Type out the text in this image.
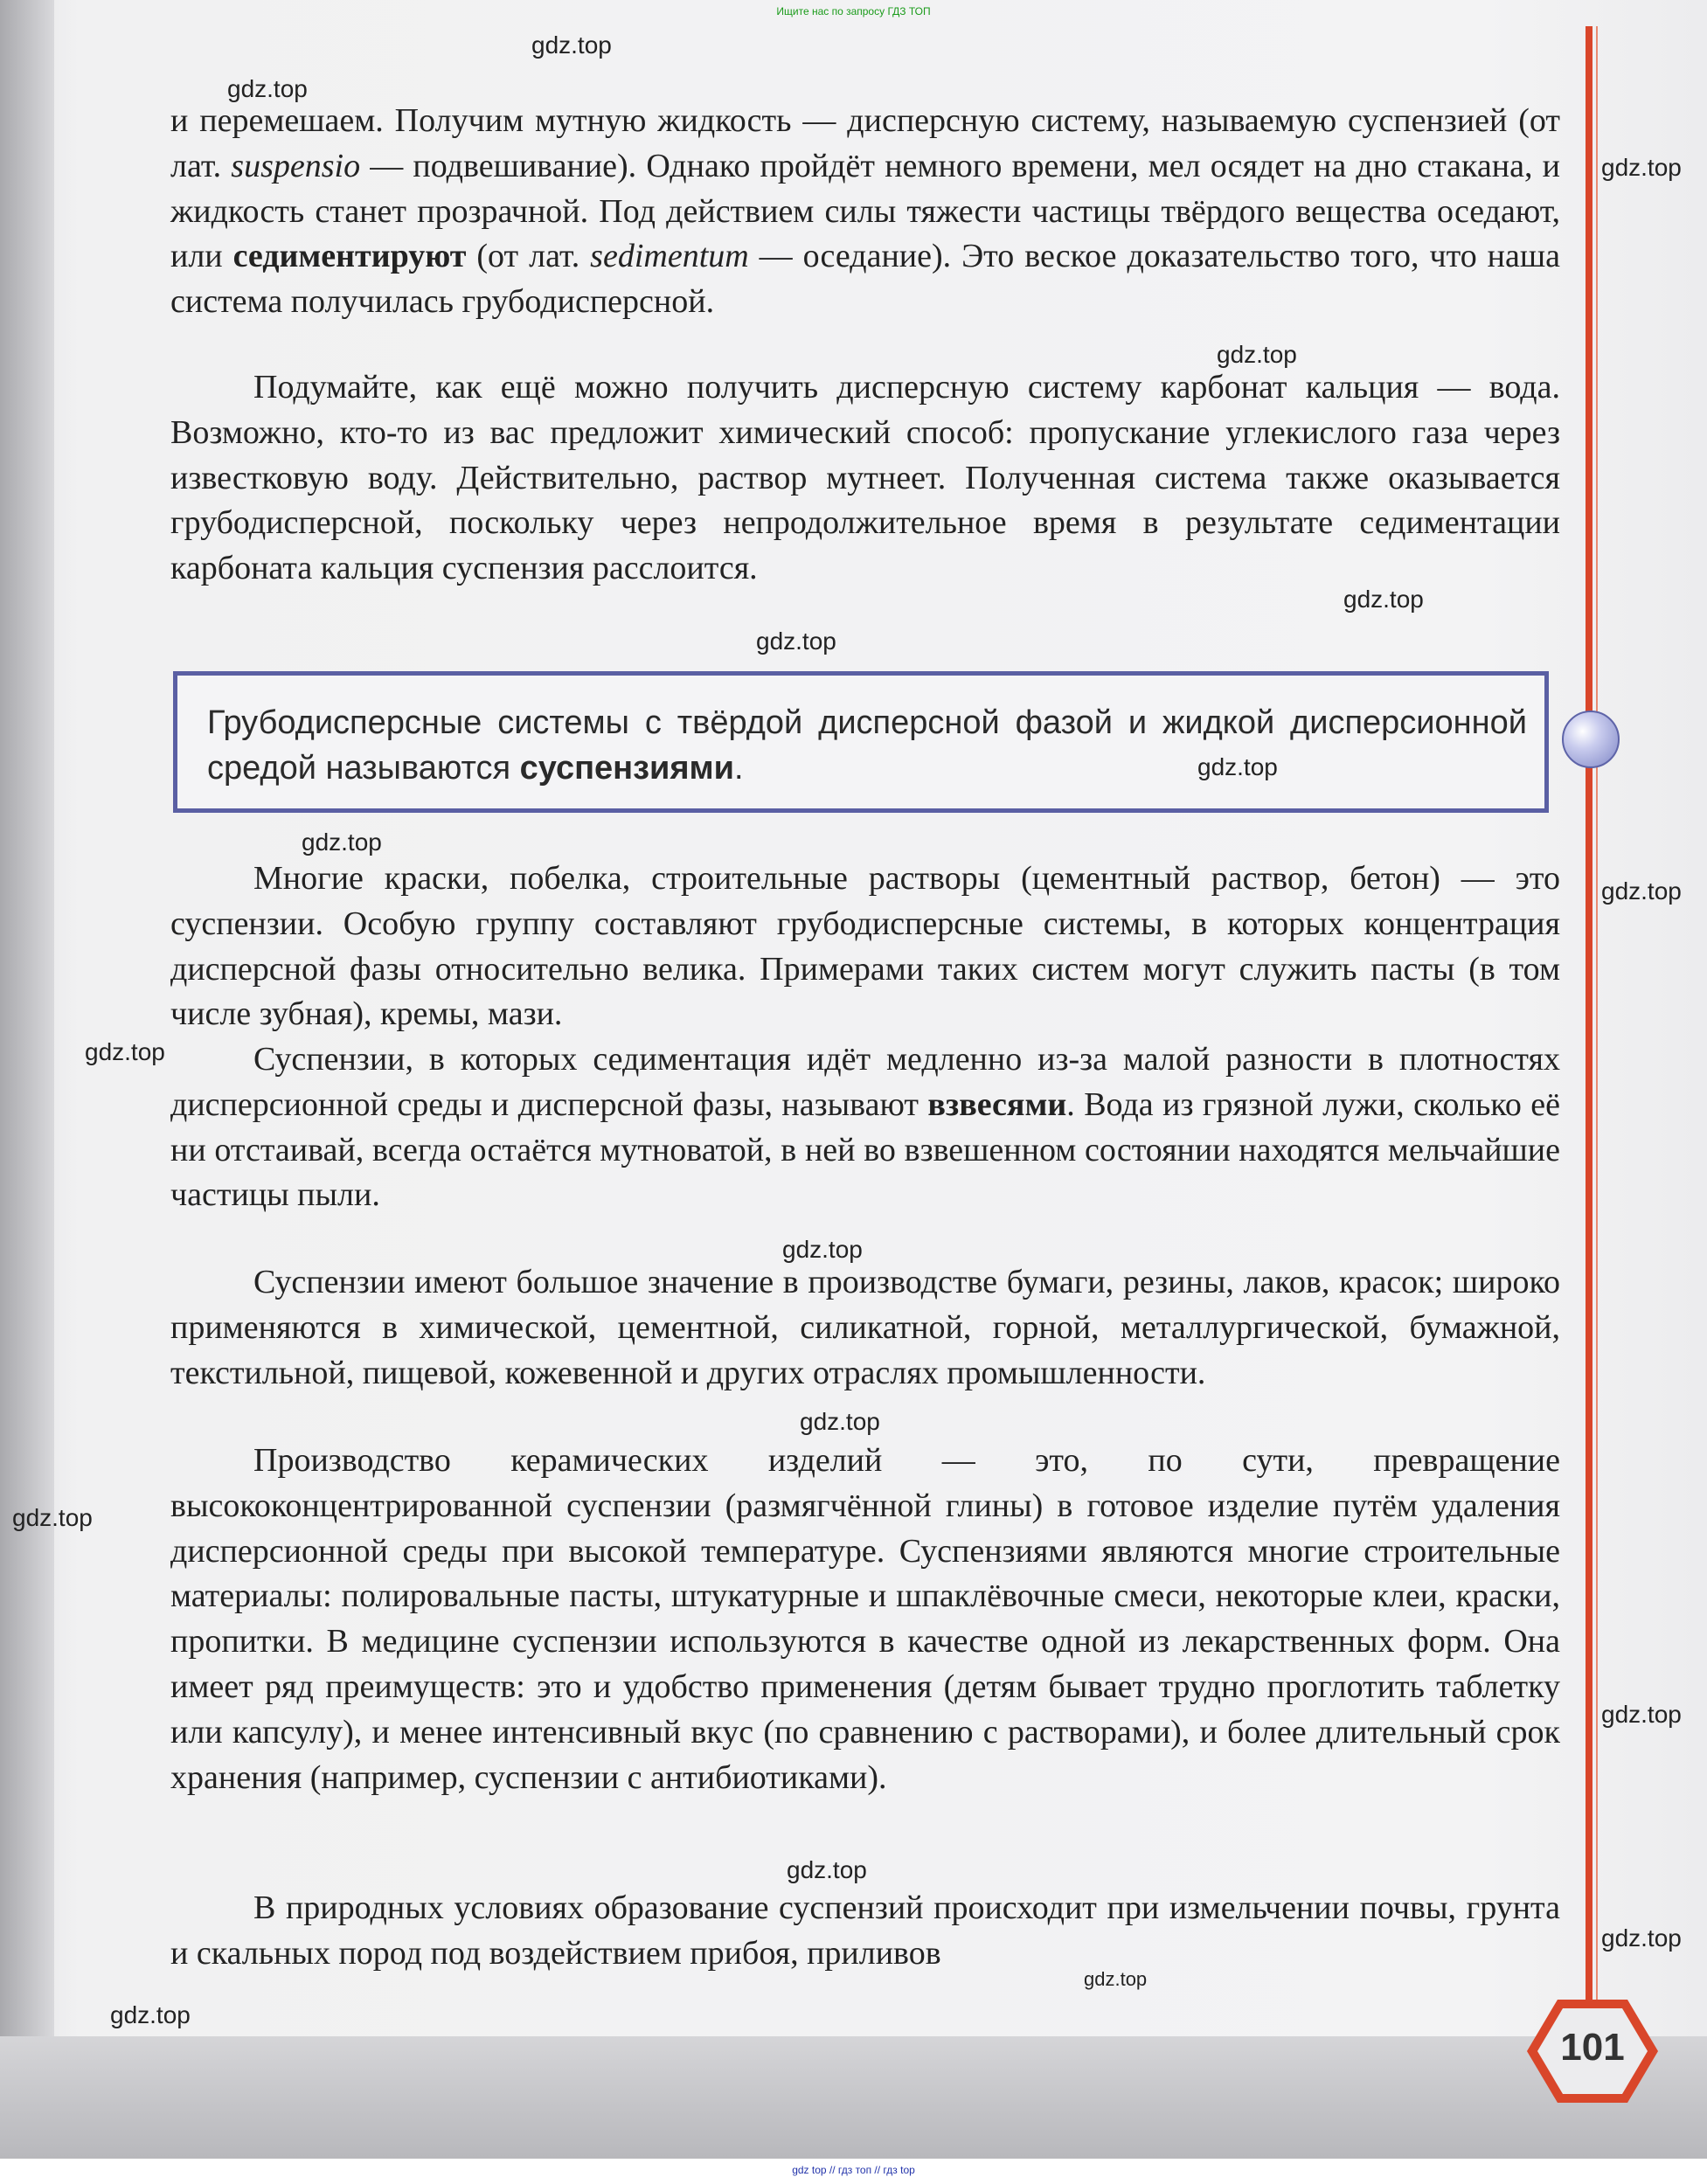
101
Ищите нас по запросу ГДЗ ТОП
gdz top // гдз топ // гдз top

и перемешаем. Получим мутную жидкость — дисперсную систему, называемую суспензией (от лат. suspensio — подвешивание). Однако пройдёт немного времени, мел осядет на дно стакана, и жидкость станет прозрачной. Под действием силы тяжести частицы твёрдого вещества оседают, или седиментируют (от лат. sedimentum — оседание). Это веское доказательство того, что наша система получилась грубодисперсной.

Подумайте, как ещё можно получить дисперсную систему карбонат кальция — вода. Возможно, кто-то из вас предложит химический способ: пропускание углекислого газа через известковую воду. Действительно, раствор мутнеет. Полученная система также оказывается грубодисперсной, поскольку через непродолжительное время в результате седиментации карбоната кальция суспензия расслоится.

Грубодисперсные системы с твёрдой дисперсной фазой и жидкой дисперсионной средой называются суспензиями.

Многие краски, побелка, строительные растворы (цементный раствор, бетон) — это суспензии. Особую группу составляют грубодисперсные системы, в которых концентрация дисперсной фазы относительно велика. Примерами таких систем могут служить пасты (в том числе зубная), кремы, мази.

Суспензии, в которых седиментация идёт медленно из-за малой разности в плотностях дисперсионной среды и дисперсной фазы, называют взвесями. Вода из грязной лужи, сколько её ни отстаивай, всегда остаётся мутноватой, в ней во взвешенном состоянии находятся мельчайшие частицы пыли.

Суспензии имеют большое значение в производстве бумаги, резины, лаков, красок; широко применяются в химической, цементной, силикатной, горной, металлургической, бумажной, текстильной, пищевой, кожевенной и других отраслях промышленности.

Производство керамических изделий — это, по сути, превращение высококонцентрированной суспензии (размягчённой глины) в готовое изделие путём удаления дисперсионной среды при высокой температуре. Суспензиями являются многие строительные материалы: полировальные пасты, штукатурные и шпаклёвочные смеси, некоторые клеи, краски, пропитки. В медицине суспензии используются в качестве одной из лекарственных форм. Она имеет ряд преимуществ: это и удобство применения (детям бывает трудно проглотить таблетку или капсулу), и менее интенсивный вкус (по сравнению с растворами), и более длительный срок хранения (например, суспензии с антибиотиками).

В природных условиях образование суспензий происходит при измельчении почвы, грунта и скальных пород под воздействием прибоя, приливов

gdz.top
gdz.top
gdz.top
gdz.top
gdz.top
gdz.top
gdz.top
gdz.top
gdz.top
gdz.top
gdz.top
gdz.top
gdz.top
gdz.top
gdz.top
gdz.top
gdz.top
gdz.top
